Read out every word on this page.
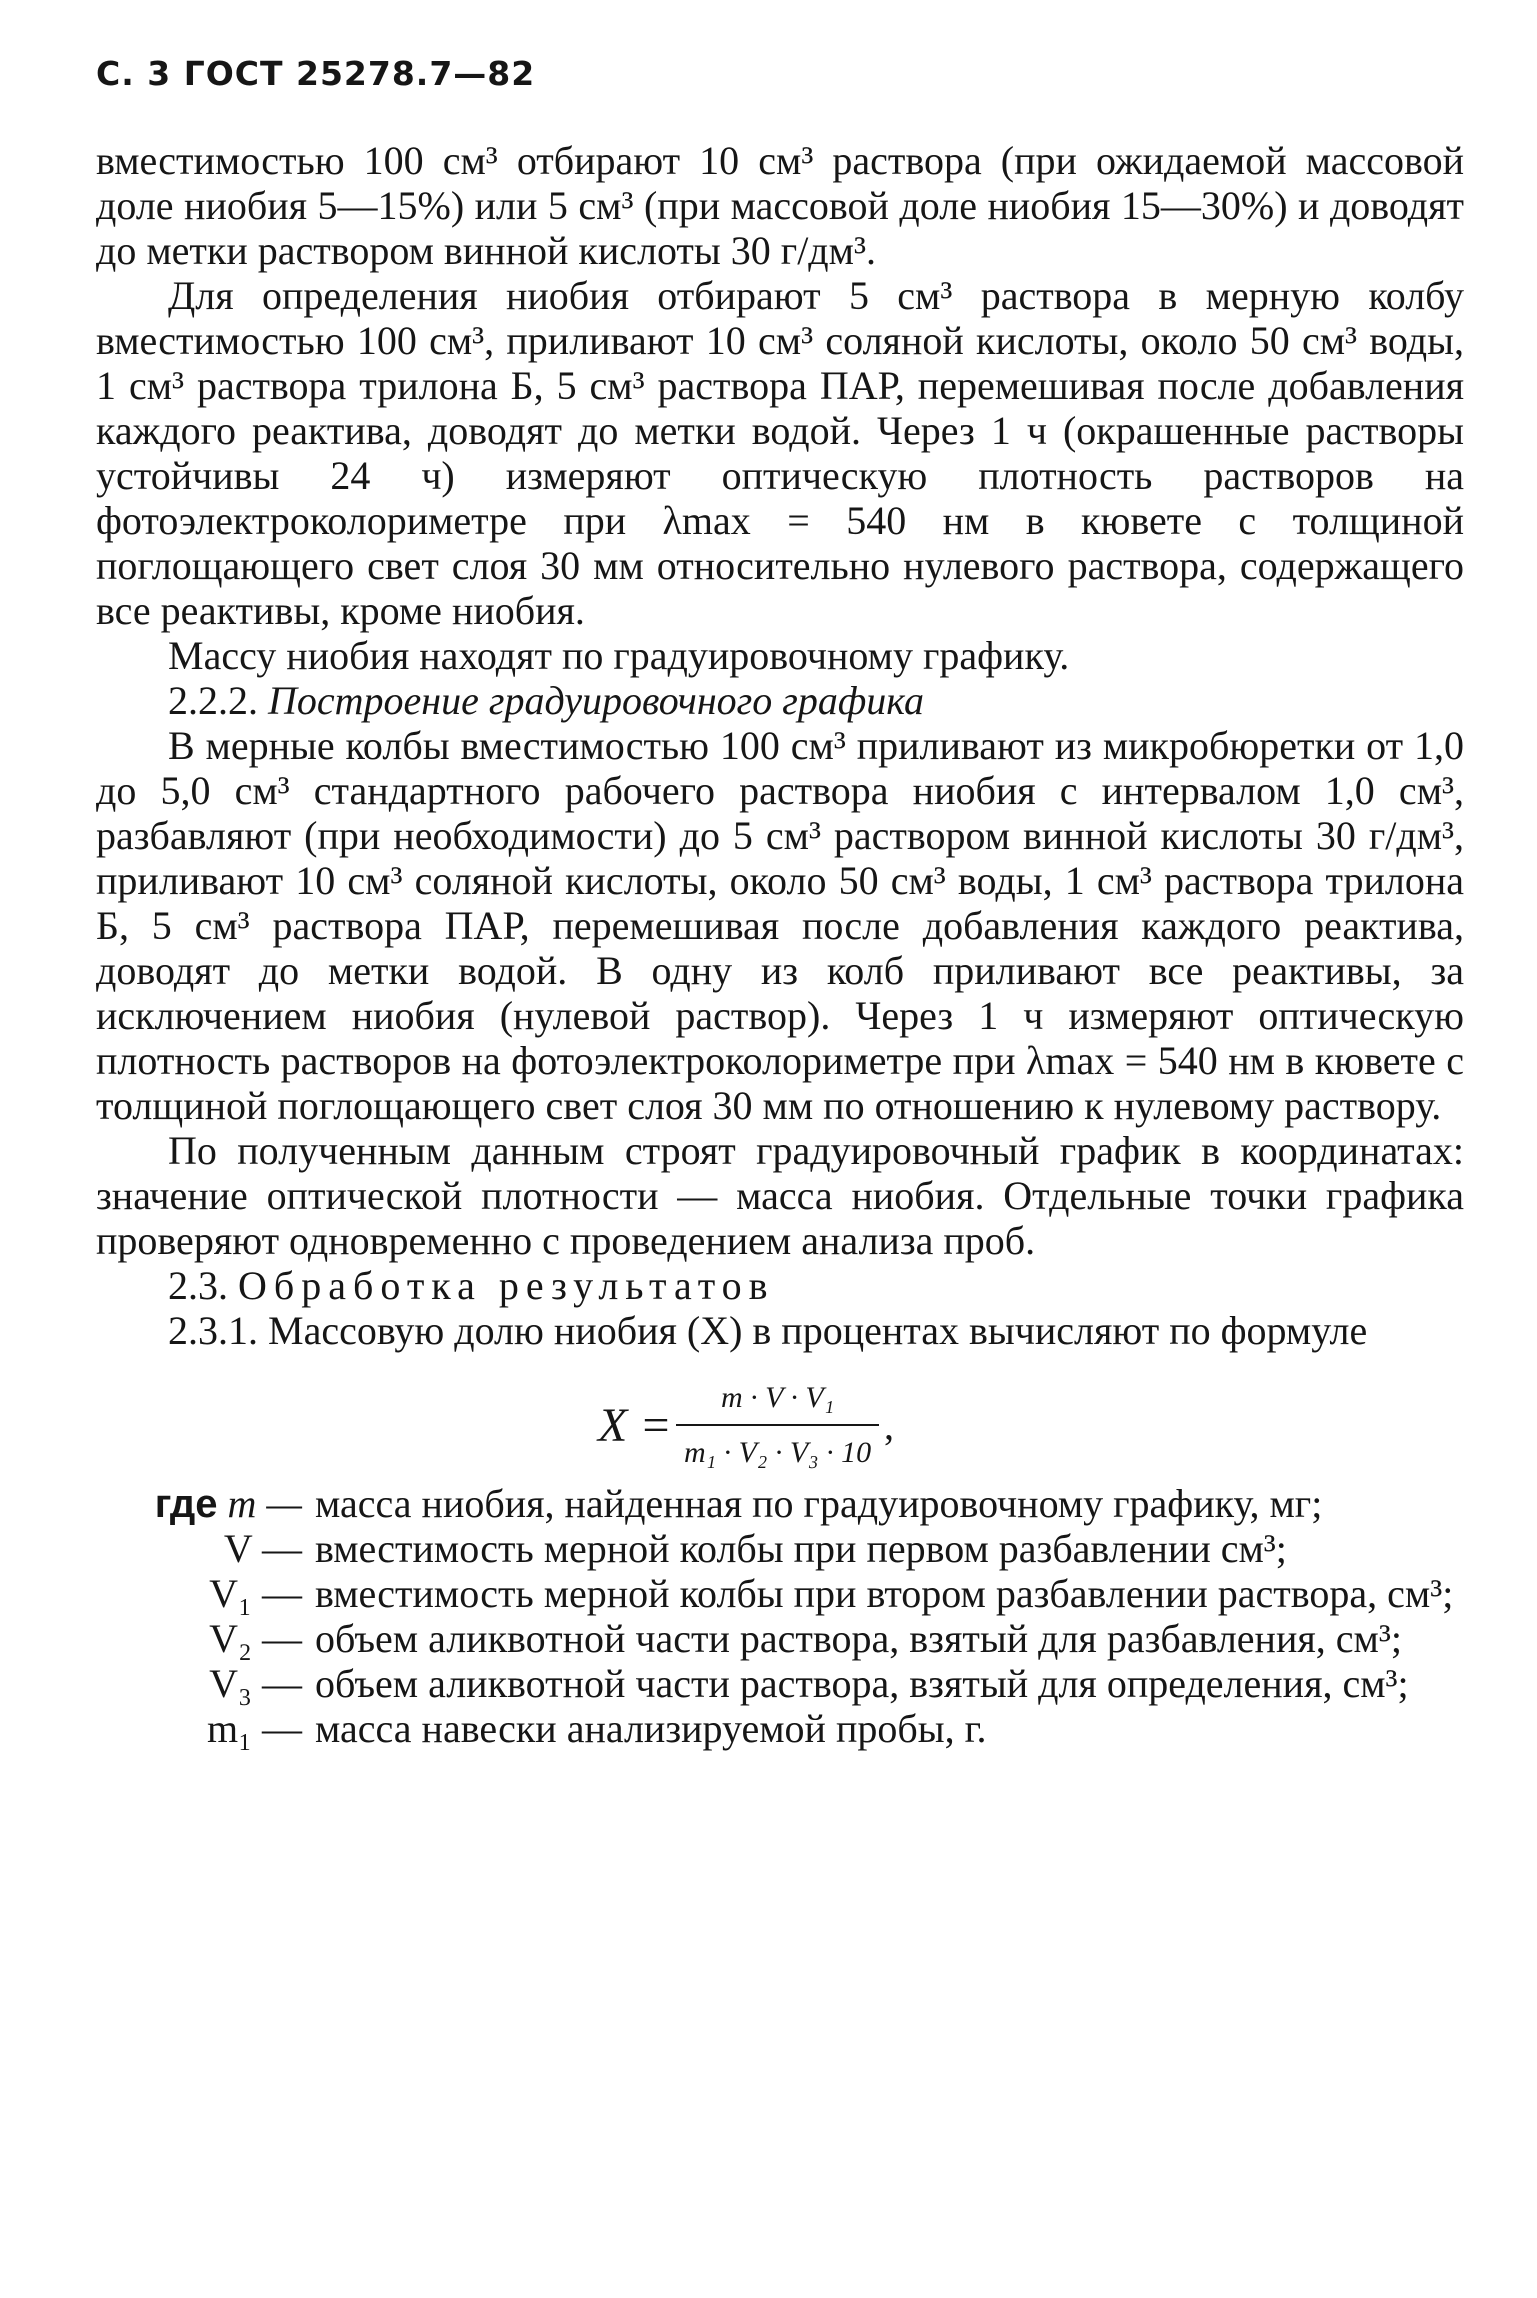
С. 3 ГОСТ 25278.7—82

вместимостью 100 см³ отбирают 10 см³ раствора (при ожидаемой массовой доле ниобия 5—15%) или 5 см³ (при массовой доле ниобия 15—30%) и доводят до метки раствором винной кислоты 30 г/дм³.

Для определения ниобия отбирают 5 см³ раствора в мерную колбу вместимостью 100 см³, приливают 10 см³ соляной кислоты, около 50 см³ воды, 1 см³ раствора трилона Б, 5 см³ раствора ПАР, перемешивая после добавления каждого реактива, доводят до метки водой. Через 1 ч (окрашенные растворы устойчивы 24 ч) измеряют оптическую плотность растворов на фотоэлектроколориметре при λmax = 540 нм в кювете с толщиной поглощающего свет слоя 30 мм относительно нулевого раствора, содержащего все реактивы, кроме ниобия.

Массу ниобия находят по градуировочному графику.

2.2.2. Построение градуировочного графика

В мерные колбы вместимостью 100 см³ приливают из микробюретки от 1,0 до 5,0 см³ стандартного рабочего раствора ниобия с интервалом 1,0 см³, разбавляют (при необходимости) до 5 см³ раствором винной кислоты 30 г/дм³, приливают 10 см³ соляной кислоты, около 50 см³ воды, 1 см³ раствора трилона Б, 5 см³ раствора ПАР, перемешивая после добавления каждого реактива, доводят до метки водой. В одну из колб приливают все реактивы, за исключением ниобия (нулевой раствор). Через 1 ч измеряют оптическую плотность растворов на фотоэлектроколориметре при λmax = 540 нм в кювете с толщиной поглощающего свет слоя 30 мм по отношению к нулевому раствору.

По полученным данным строят градуировочный график в координатах: значение оптической плотности — масса ниобия. Отдельные точки графика проверяют одновременно с проведением анализа проб.

2.3. Обработка результатов

2.3.1. Массовую долю ниобия (X) в процентах вычисляют по формуле

$X = \frac{\text{m · V · V₁}}{\text{m₁ · V₂ · V₃ · 10}}$ ,
где m — масса ниобия, найденная по градуировочному графику, мг;
V — вместимость мерной колбы при первом разбавлении см³;
V₁ — вместимость мерной колбы при втором разбавлении раствора, см³;
V₂ — объем аликвотной части раствора, взятый для разбавления, см³;
V₃ — объем аликвотной части раствора, взятый для определения, см³;
m₁ — масса навески анализируемой пробы, г.
